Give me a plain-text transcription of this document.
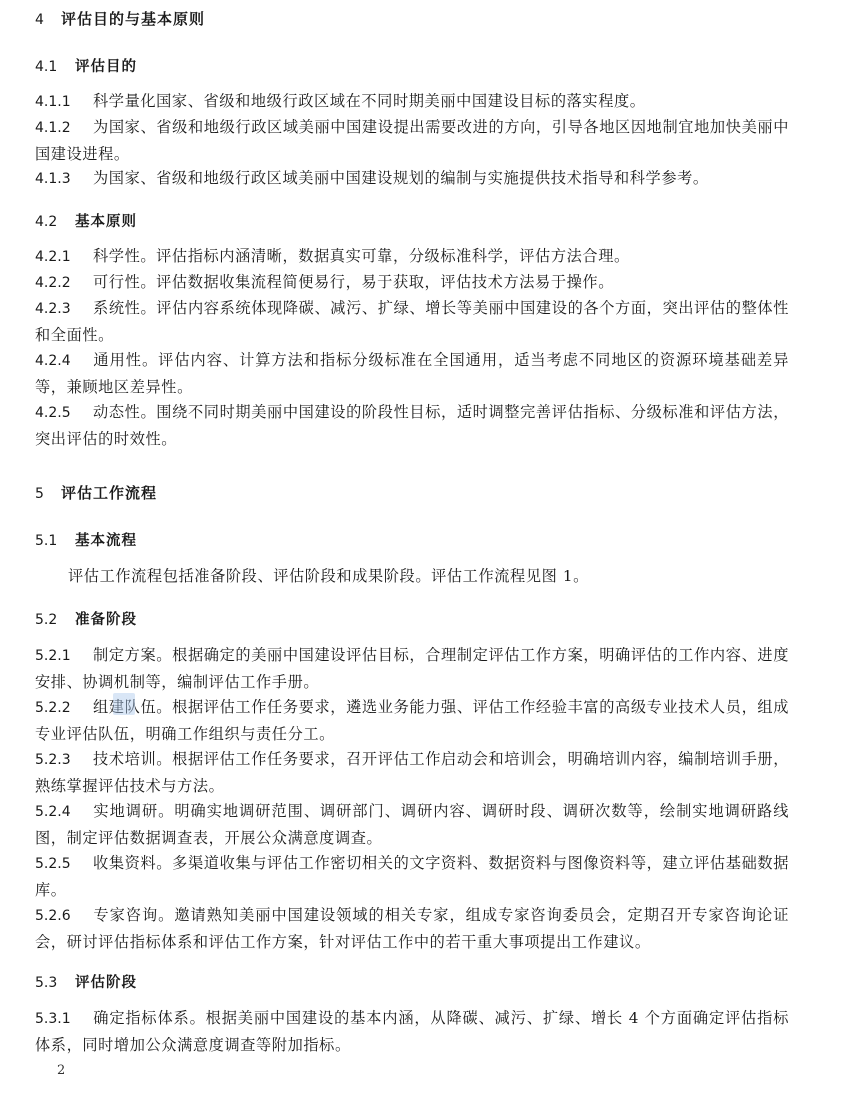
4 评估目的与基本原则
4.1 评估目的
4.1.1 科学量化国家、省级和地级行政区域在不同时期美丽中国建设目标的落实程度。
4.1.2 为国家、省级和地级行政区域美丽中国建设提出需要改进的方向，引导各地区因地制宜地加快美丽中国建设进程。
4.1.3 为国家、省级和地级行政区域美丽中国建设规划的编制与实施提供技术指导和科学参考。
4.2 基本原则
4.2.1 科学性。评估指标内涵清晰，数据真实可靠，分级标准科学，评估方法合理。
4.2.2 可行性。评估数据收集流程简便易行，易于获取，评估技术方法易于操作。
4.2.3 系统性。评估内容系统体现降碳、减污、扩绿、增长等美丽中国建设的各个方面，突出评估的整体性和全面性。
4.2.4 通用性。评估内容、计算方法和指标分级标准在全国通用，适当考虑不同地区的资源环境基础差异等，兼顾地区差异性。
4.2.5 动态性。围绕不同时期美丽中国建设的阶段性目标，适时调整完善评估指标、分级标准和评估方法，突出评估的时效性。
5 评估工作流程
5.1 基本流程
评估工作流程包括准备阶段、评估阶段和成果阶段。评估工作流程见图 1。
5.2 准备阶段
5.2.1 制定方案。根据确定的美丽中国建设评估目标，合理制定评估工作方案，明确评估的工作内容、进度安排、协调机制等，编制评估工作手册。
5.2.2 组建队伍。根据评估工作任务要求，遴选业务能力强、评估工作经验丰富的高级专业技术人员，组成专业评估队伍，明确工作组织与责任分工。
5.2.3 技术培训。根据评估工作任务要求，召开评估工作启动会和培训会，明确培训内容，编制培训手册，熟练掌握评估技术与方法。
5.2.4 实地调研。明确实地调研范围、调研部门、调研内容、调研时段、调研次数等，绘制实地调研路线图，制定评估数据调查表，开展公众满意度调查。
5.2.5 收集资料。多渠道收集与评估工作密切相关的文字资料、数据资料与图像资料等，建立评估基础数据库。
5.2.6 专家咨询。邀请熟知美丽中国建设领域的相关专家，组成专家咨询委员会，定期召开专家咨询论证会，研讨评估指标体系和评估工作方案，针对评估工作中的若干重大事项提出工作建议。
5.3 评估阶段
5.3.1 确定指标体系。根据美丽中国建设的基本内涵，从降碳、减污、扩绿、增长 4 个方面确定评估指标体系，同时增加公众满意度调查等附加指标。
2
